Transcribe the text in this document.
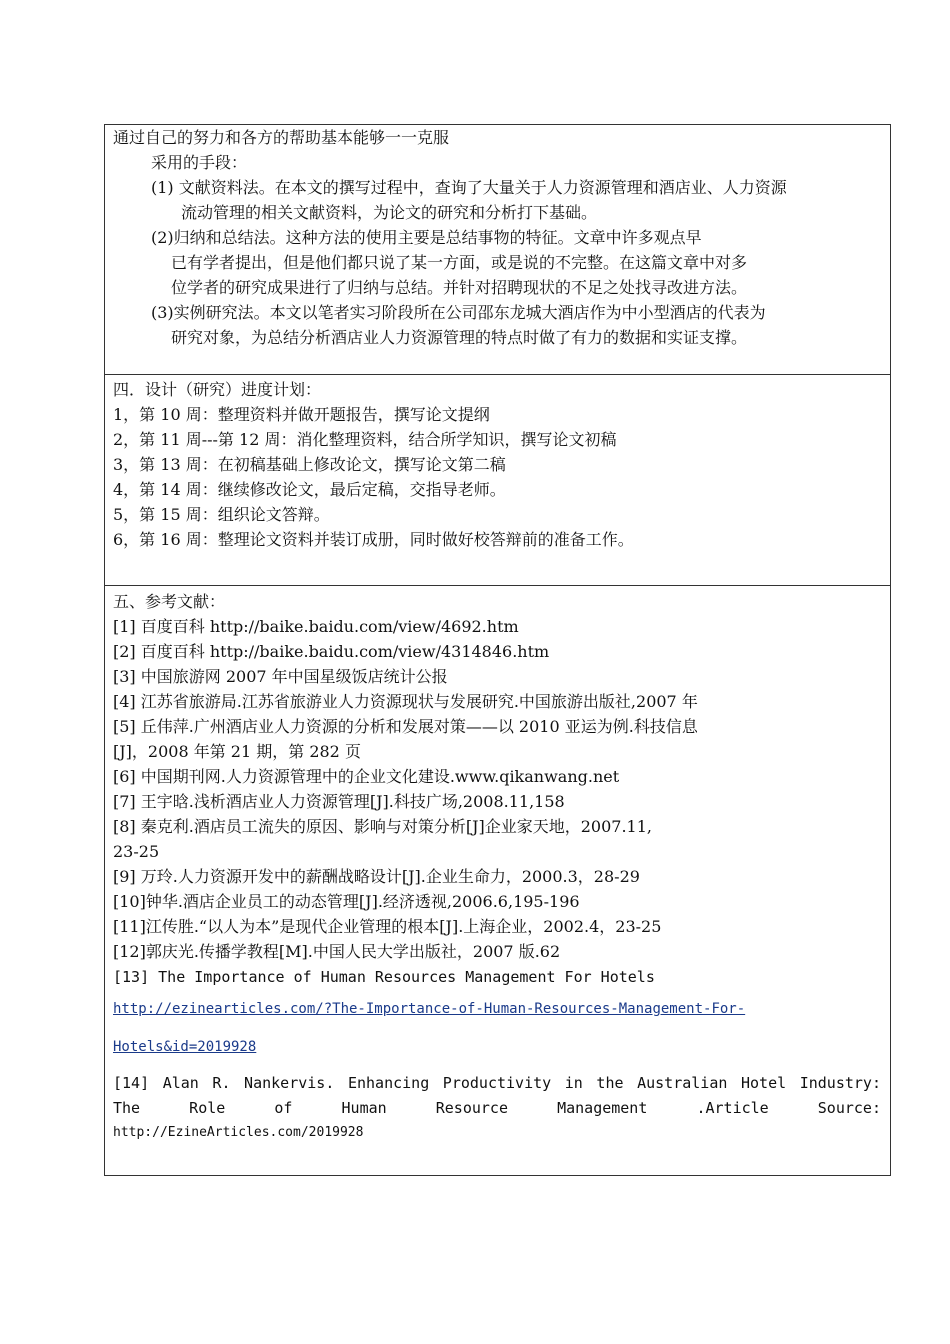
通过自己的努力和各方的帮助基本能够一一克服
采用的手段：
(1) 文献资料法。在本文的撰写过程中，查询了大量关于人力资源管理和酒店业、人力资源
流动管理的相关文献资料，为论文的研究和分析打下基础。
(2)归纳和总结法。这种方法的使用主要是总结事物的特征。文章中许多观点早
已有学者提出，但是他们都只说了某一方面，或是说的不完整。在这篇文章中对多
位学者的研究成果进行了归纳与总结。并针对招聘现状的不足之处找寻改进方法。
(3)实例研究法。本文以笔者实习阶段所在公司邵东龙城大酒店作为中小型酒店的代表为
研究对象，为总结分析酒店业人力资源管理的特点时做了有力的数据和实证支撑。
四．设计（研究）进度计划：
1，第 10 周：整理资料并做开题报告，撰写论文提纲
2，第 11 周---第 12 周：消化整理资料，结合所学知识，撰写论文初稿
3，第 13 周：在初稿基础上修改论文，撰写论文第二稿
4，第 14 周：继续修改论文，最后定稿，交指导老师。
5，第 15 周：组织论文答辩。
6，第 16 周：整理论文资料并装订成册，同时做好校答辩前的准备工作。
五、参考文献：
[1] 百度百科 http://baike.baidu.com/view/4692.htm
[2] 百度百科 http://baike.baidu.com/view/4314846.htm
[3] 中国旅游网 2007 年中国星级饭店统计公报
[4] 江苏省旅游局.江苏省旅游业人力资源现状与发展研究.中国旅游出版社,2007 年
[5] 丘伟萍.广州酒店业人力资源的分析和发展对策——以 2010 亚运为例.科技信息
[J]，2008 年第 21 期，第 282 页
[6] 中国期刊网.人力资源管理中的企业文化建设.www.qikanwang.net
[7] 王宇晗.浅析酒店业人力资源管理[J].科技广场,2008.11,158
[8] 秦克利.酒店员工流失的原因、影响与对策分析[J]企业家天地，2007.11,
23-25
[9] 万玲.人力资源开发中的薪酬战略设计[J].企业生命力，2000.3，28-29
[10]钟华.酒店企业员工的动态管理[J].经济透视,2006.6,195-196
[11]江传胜.“以人为本”是现代企业管理的根本[J].上海企业，2002.4，23-25
[12]郭庆光.传播学教程[M].中国人民大学出版社，2007 版.62
[13] The Importance of Human Resources Management For Hotels
http://ezinearticles.com/?The-Importance-of-Human-Resources-Management-For-
Hotels&id=2019928
[14] Alan R. Nankervis. Enhancing Productivity in the Australian Hotel Industry:
The Role of Human Resource Management .Article Source:
http://EzineArticles.com/2019928
